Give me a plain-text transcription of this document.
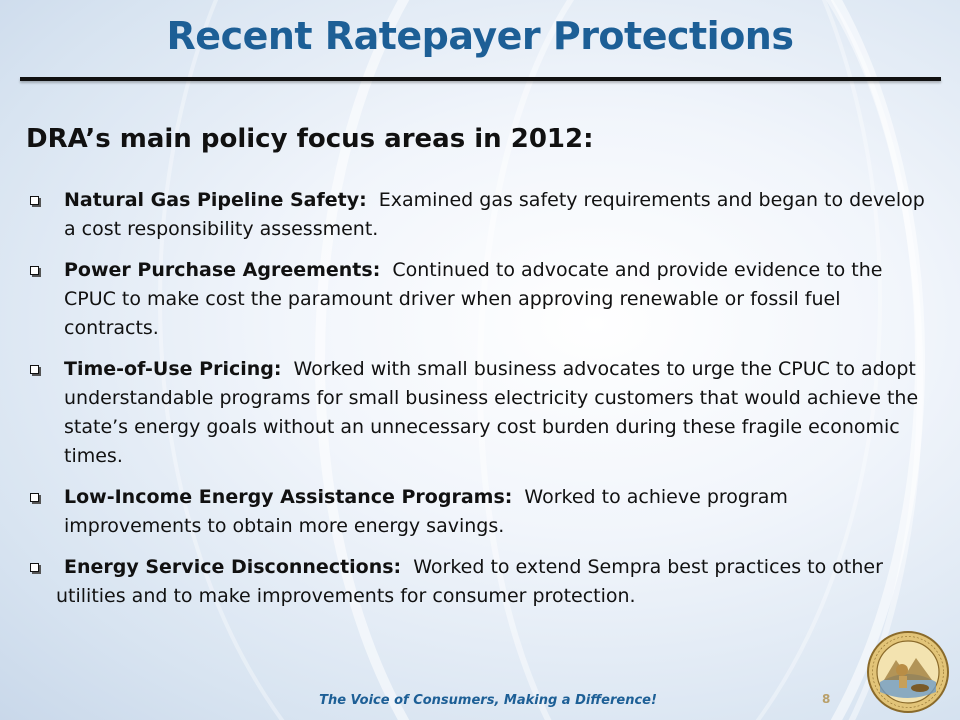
Recent Ratepayer Protections
DRA’s main policy focus areas in 2012:
Natural Gas Pipeline Safety: Examined gas safety requirements and began to develop a cost responsibility assessment.
Power Purchase Agreements: Continued to advocate and provide evidence to the CPUC to make cost the paramount driver when approving renewable or fossil fuel contracts.
Time-of-Use Pricing: Worked with small business advocates to urge the CPUC to adopt understandable programs for small business electricity customers that would achieve the state’s energy goals without an unnecessary cost burden during these fragile economic times.
Low-Income Energy Assistance Programs: Worked to achieve program improvements to obtain more energy savings.
Energy Service Disconnections: Worked to extend Sempra best practices to other utilities and to make improvements for consumer protection.
The Voice of Consumers, Making a Difference!	8
